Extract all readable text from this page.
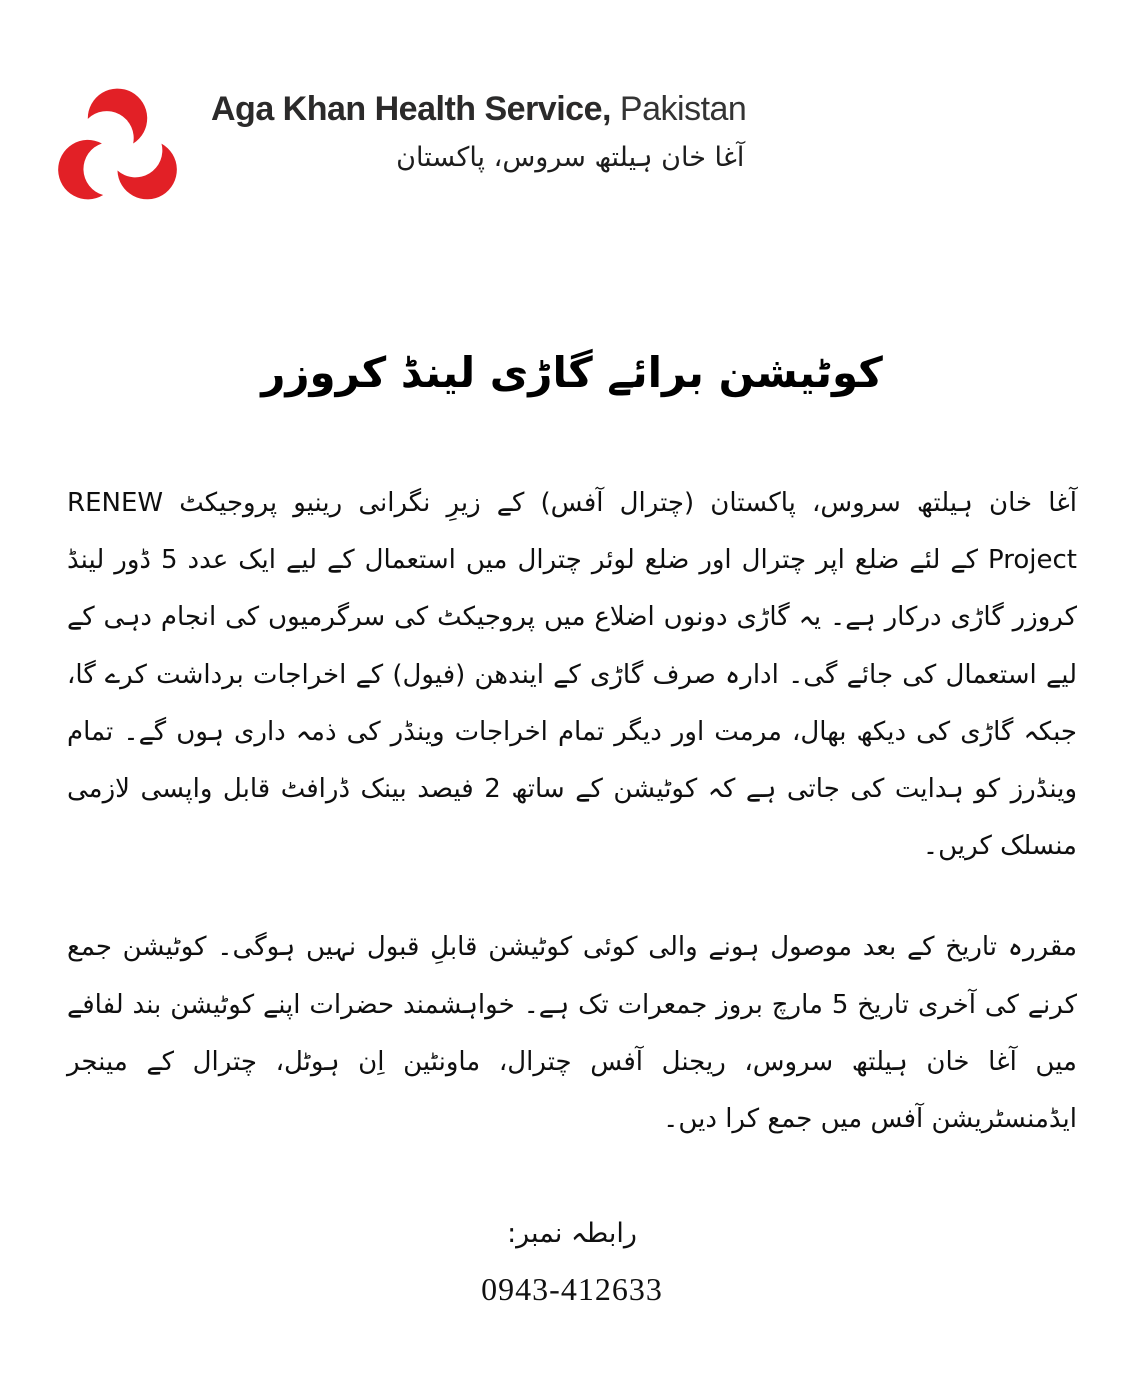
Aga Khan Health Service, Pakistan
آغا خان ہیلتھ سروس، پاکستان
کوٹیشن برائے گاڑی لینڈ کروزر

آغا خان ہیلتھ سروس، پاکستان (چترال آفس) کے زیرِ نگرانی رینیو پروجیکٹ RENEW Project کے لئے ضلع اپر چترال اور ضلع لوئر چترال میں استعمال کے لیے ایک عدد 5 ڈور لینڈ کروزر گاڑی درکار ہے۔ یہ گاڑی دونوں اضلاع میں پروجیکٹ کی سرگرمیوں کی انجام دہی کے لیے استعمال کی جائے گی۔ ادارہ صرف گاڑی کے ایندھن (فیول) کے اخراجات برداشت کرے گا، جبکہ گاڑی کی دیکھ بھال، مرمت اور دیگر تمام اخراجات وینڈر کی ذمہ داری ہوں گے۔ تمام وینڈرز کو ہدایت کی جاتی ہے کہ کوٹیشن کے ساتھ 2 فیصد بینک ڈرافٹ قابل واپسی لازمی منسلک کریں۔

مقررہ تاریخ کے بعد موصول ہونے والی کوئی کوٹیشن قابلِ قبول نہیں ہوگی۔ کوٹیشن جمع کرنے کی آخری تاریخ 5 مارچ بروز جمعرات تک ہے۔ خواہشمند حضرات اپنے کوٹیشن بند لفافے میں آغا خان ہیلتھ سروس، ریجنل آفس چترال، ماونٹین اِن ہوٹل، چترال کے مینجر ایڈمنسٹریشن آفس میں جمع کرا دیں۔

رابطہ نمبر:
0943-412633
